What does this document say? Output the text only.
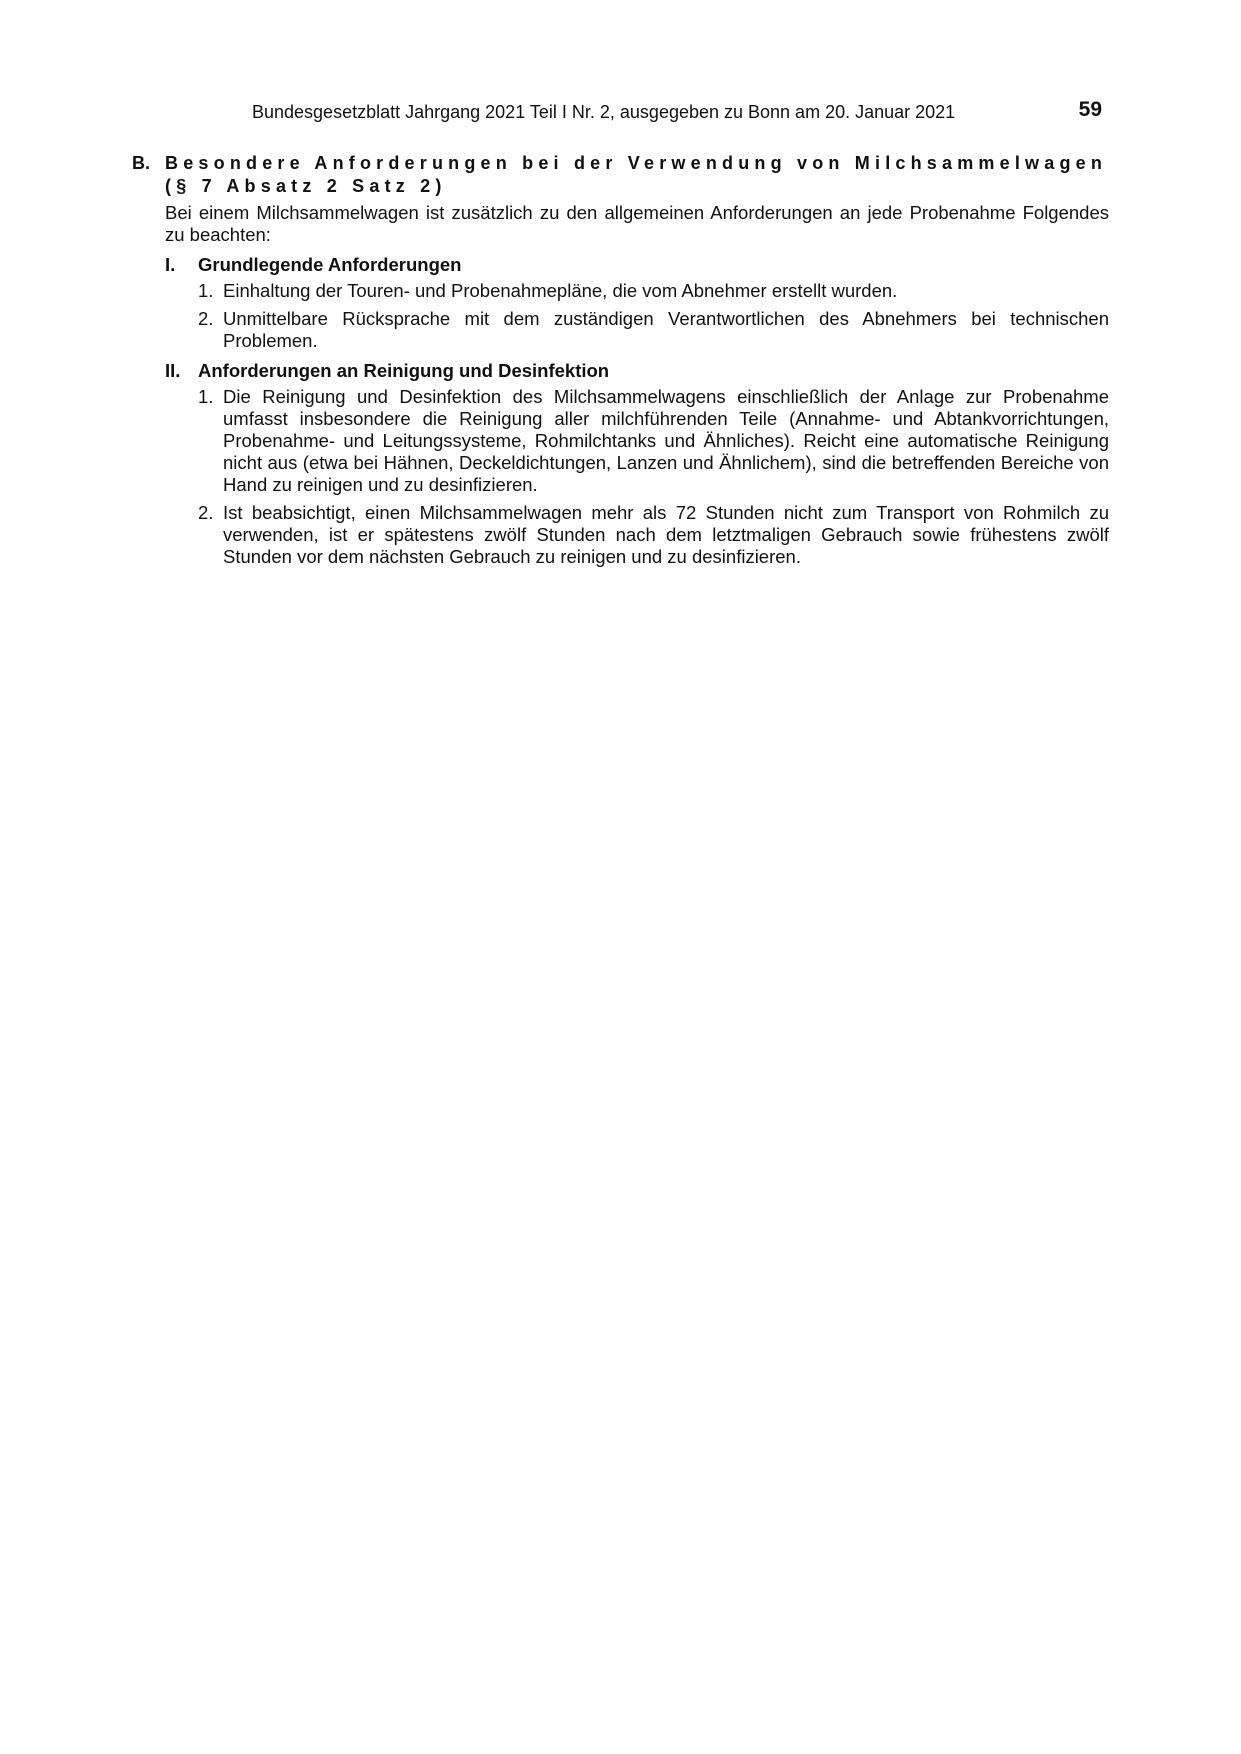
Bundesgesetzblatt Jahrgang 2021 Teil I Nr. 2, ausgegeben zu Bonn am 20. Januar 2021	59
B. Besondere Anforderungen bei der Verwendung von Milchsammelwagen (§ 7 Absatz 2 Satz 2)
Bei einem Milchsammelwagen ist zusätzlich zu den allgemeinen Anforderungen an jede Probenahme Folgendes zu beachten:
I. Grundlegende Anforderungen
1. Einhaltung der Touren- und Probenahmepläne, die vom Abnehmer erstellt wurden.
2. Unmittelbare Rücksprache mit dem zuständigen Verantwortlichen des Abnehmers bei technischen Problemen.
II. Anforderungen an Reinigung und Desinfektion
1. Die Reinigung und Desinfektion des Milchsammelwagens einschließlich der Anlage zur Probenahme umfasst insbesondere die Reinigung aller milchführenden Teile (Annahme- und Abtankvorrichtungen, Probenahme- und Leitungssysteme, Rohmilchtanks und Ähnliches). Reicht eine automatische Reinigung nicht aus (etwa bei Hähnen, Deckeldichtungen, Lanzen und Ähnlichem), sind die betreffenden Bereiche von Hand zu reinigen und zu desinfizieren.
2. Ist beabsichtigt, einen Milchsammelwagen mehr als 72 Stunden nicht zum Transport von Rohmilch zu verwenden, ist er spätestens zwölf Stunden nach dem letztmaligen Gebrauch sowie frühestens zwölf Stunden vor dem nächsten Gebrauch zu reinigen und zu desinfizieren.
